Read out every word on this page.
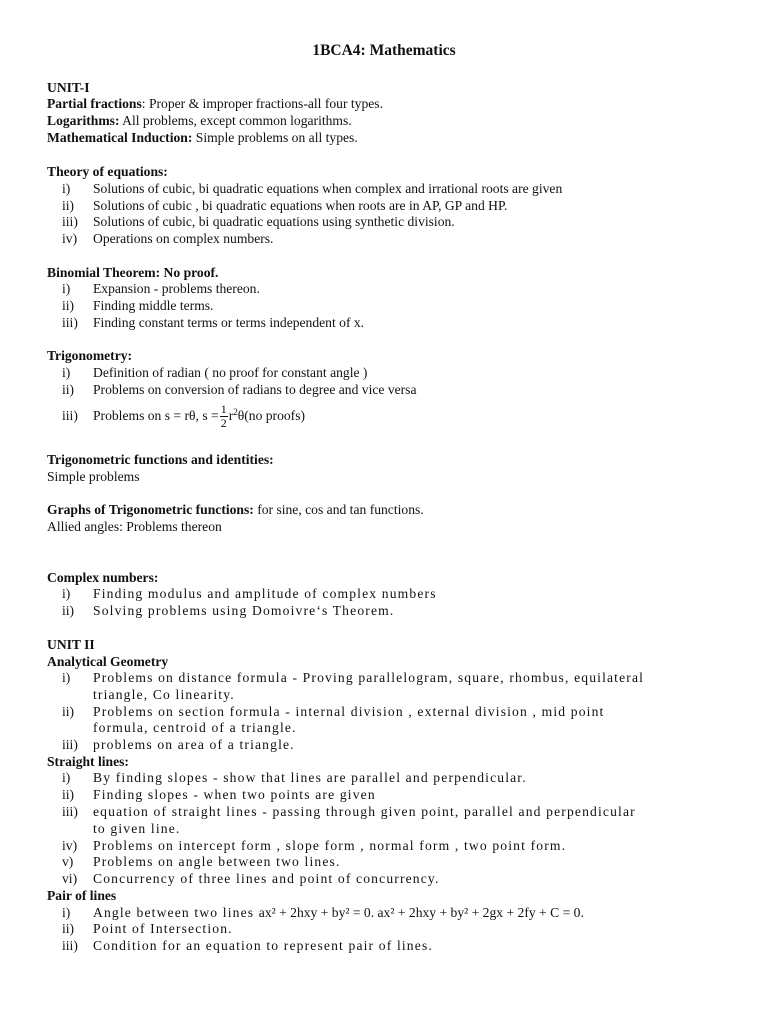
1BCA4: Mathematics
UNIT-I
Partial fractions: Proper & improper fractions-all four types.
Logarithms: All problems, except common logarithms.
Mathematical Induction: Simple problems on all types.
Theory of equations:
i) Solutions of cubic, bi quadratic equations when complex and irrational roots are given
ii) Solutions of cubic , bi quadratic equations when roots are in AP, GP and HP.
iii) Solutions of cubic, bi quadratic equations using synthetic division.
iv) Operations on complex numbers.
Binomial Theorem: No proof.
i) Expansion - problems thereon.
ii) Finding middle terms.
iii) Finding constant terms or terms independent of x.
Trigonometry:
i) Definition of radian ( no proof for constant angle )
ii) Problems on conversion of radians to degree and vice versa
iii) Problems on s = rθ, $s = \frac{1}{2} r^2\theta(no$ proofs)
Trigonometric functions and identities:
Simple problems
Graphs of Trigonometric functions: for sine, cos and tan functions.
Allied angles: Problems thereon
Complex numbers:
i) Finding modulus and amplitude of complex numbers
ii) Solving problems using Domoivre‘s Theorem.
UNIT II
Analytical Geometry
i) Problems on distance formula - Proving parallelogram, square, rhombus, equilateral
triangle, Co linearity.
ii) Problems on section formula - internal division , external division , mid point
formula, centroid of a triangle.
iii) problems on area of a triangle.
Straight lines:
i) By finding slopes - show that lines are parallel and perpendicular.
ii) Finding slopes - when two points are given
iii) equation of straight lines - passing through given point, parallel and perpendicular
to given line.
iv) Problems on intercept form , slope form , normal form , two point form.
v) Problems on angle between two lines.
vi) Concurrency of three lines and point of concurrency.
Pair of lines
i) Angle between two lines ax² + 2hxy + by² = 0. ax² + 2hxy + by² + 2gx + 2fy + C = 0.
ii) Point of Intersection.
iii) Condition for an equation to represent pair of lines.
